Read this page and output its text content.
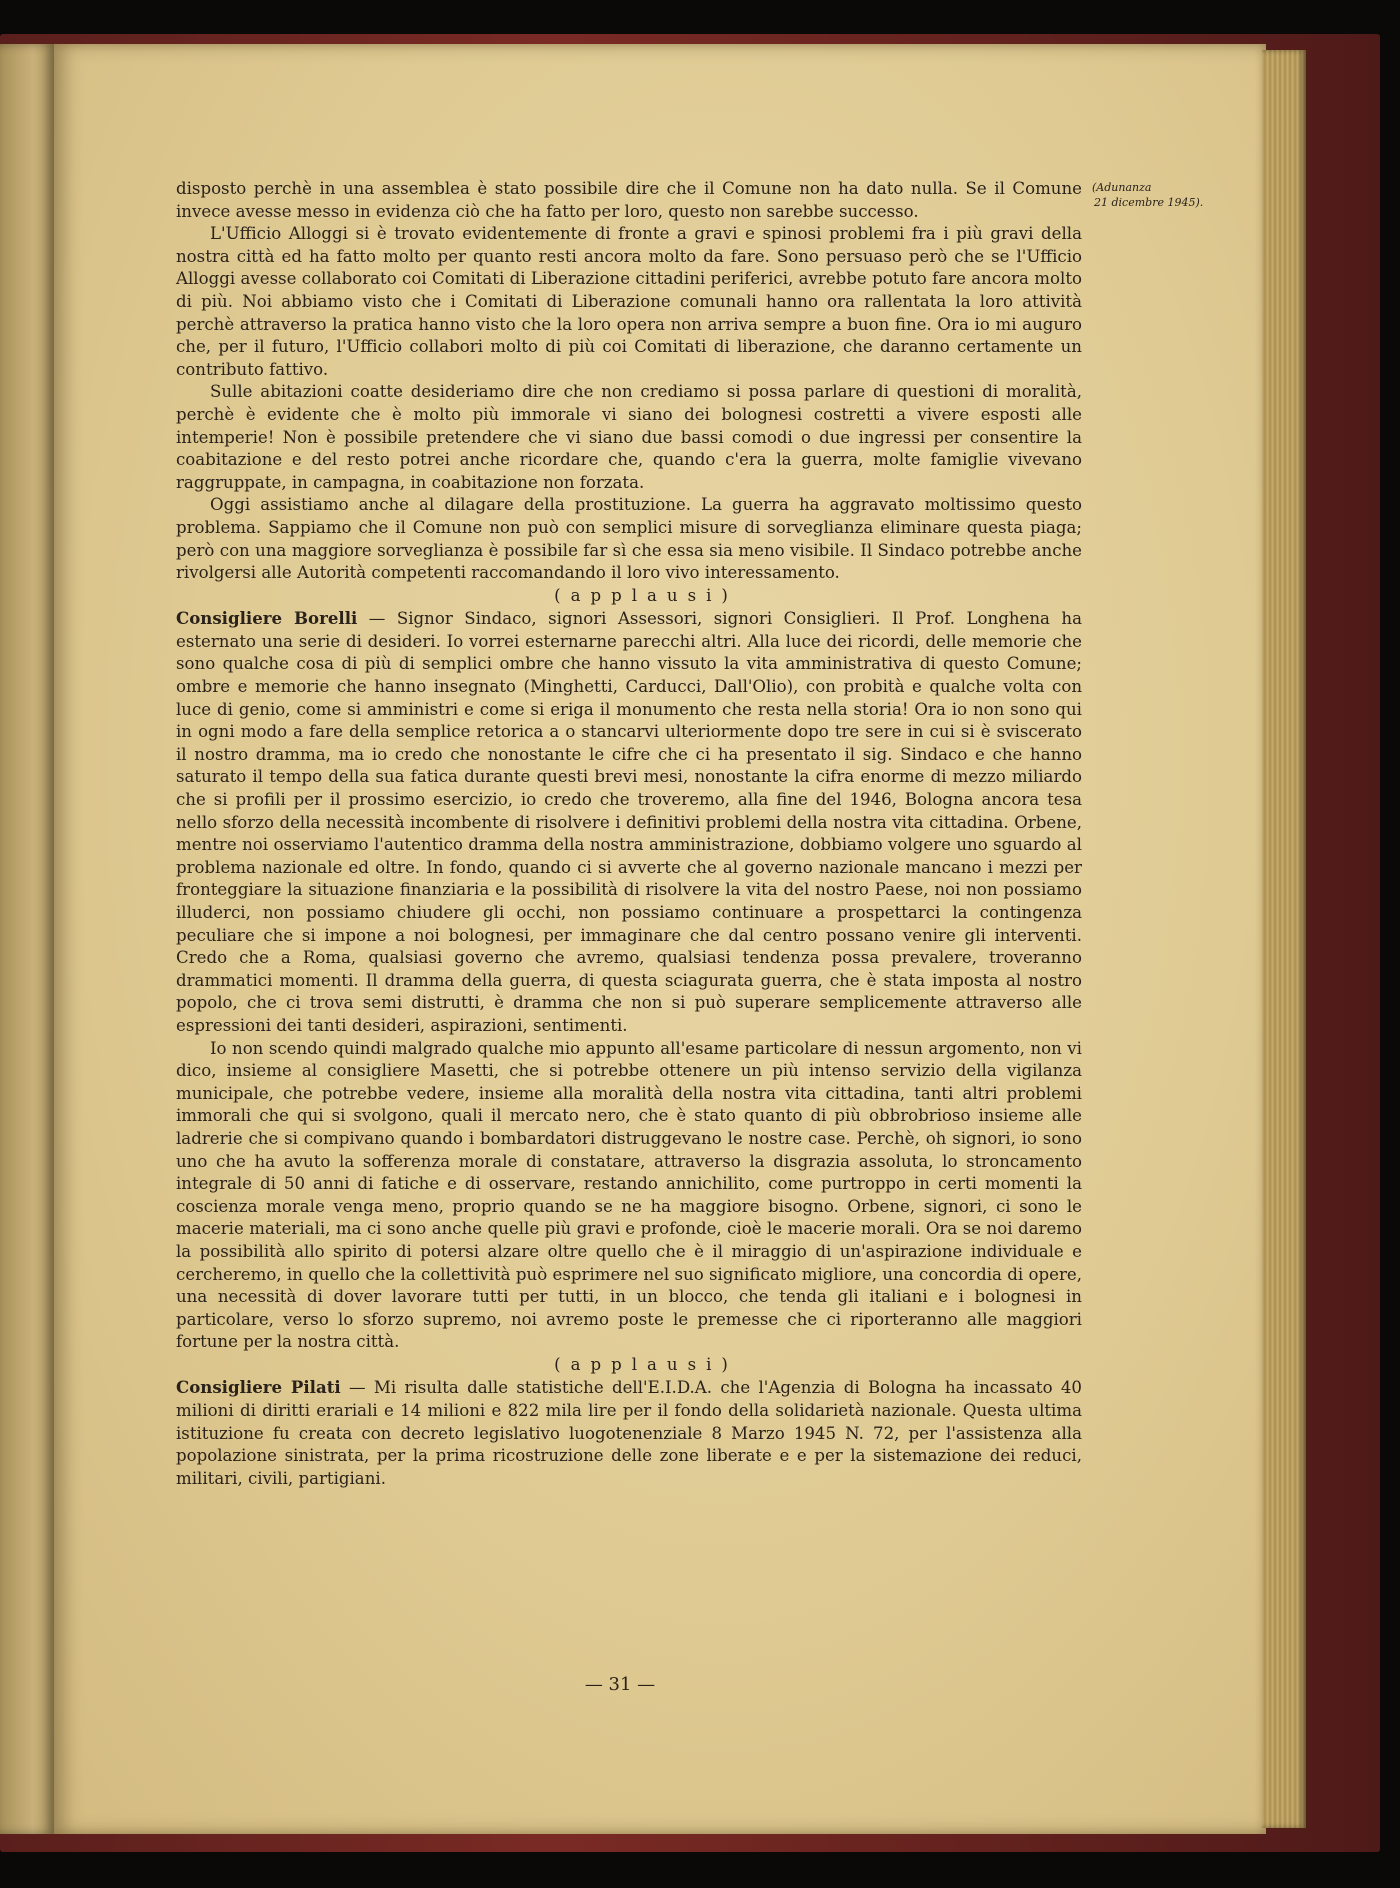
(Adunanza
21 dicembre 1945).

disposto perchè in una assemblea è stato possibile dire che il Comune non ha dato nulla. Se il Comune invece avesse messo in evidenza ciò che ha fatto per loro, questo non sarebbe successo.

L'Ufficio Alloggi si è trovato evidentemente di fronte a gravi e spinosi problemi fra i più gravi della nostra città ed ha fatto molto per quanto resti ancora molto da fare. Sono persuaso però che se l'Ufficio Alloggi avesse collaborato coi Comitati di Liberazione cittadini periferici, avrebbe potuto fare ancora molto di più. Noi abbiamo visto che i Comitati di Liberazione comunali hanno ora rallentata la loro attività perchè attraverso la pratica hanno visto che la loro opera non arriva sempre a buon fine. Ora io mi auguro che, per il futuro, l'Ufficio collabori molto di più coi Comitati di liberazione, che daranno certamente un contributo fattivo.

Sulle abitazioni coatte desideriamo dire che non crediamo si possa parlare di questioni di moralità, perchè è evidente che è molto più immorale vi siano dei bolognesi costretti a vivere esposti alle intemperie! Non è possibile pretendere che vi siano due bassi comodi o due ingressi per consentire la coabitazione e del resto potrei anche ricordare che, quando c'era la guerra, molte famiglie vivevano raggruppate, in campagna, in coabitazione non forzata.

Oggi assistiamo anche al dilagare della prostituzione. La guerra ha aggravato moltissimo questo problema. Sappiamo che il Comune non può con semplici misure di sorveglianza eliminare questa piaga; però con una maggiore sorveglianza è possibile far sì che essa sia meno visibile. Il Sindaco potrebbe anche rivolgersi alle Autorità competenti raccomandando il loro vivo interessamento.

(applausi)

Consigliere Borelli — Signor Sindaco, signori Assessori, signori Consiglieri. Il Prof. Longhena ha esternato una serie di desideri. Io vorrei esternarne parecchi altri. Alla luce dei ricordi, delle memorie che sono qualche cosa di più di semplici ombre che hanno vissuto la vita amministrativa di questo Comune; ombre e memorie che hanno insegnato (Minghetti, Carducci, Dall'Olio), con probità e qualche volta con luce di genio, come si amministri e come si eriga il monumento che resta nella storia! Ora io non sono qui in ogni modo a fare della semplice retorica a o stancarvi ulteriormente dopo tre sere in cui si è sviscerato il nostro dramma, ma io credo che nonostante le cifre che ci ha presentato il sig. Sindaco e che hanno saturato il tempo della sua fatica durante questi brevi mesi, nonostante la cifra enorme di mezzo miliardo che si profili per il prossimo esercizio, io credo che troveremo, alla fine del 1946, Bologna ancora tesa nello sforzo della necessità incombente di risolvere i definitivi problemi della nostra vita cittadina. Orbene, mentre noi osserviamo l'autentico dramma della nostra amministrazione, dobbiamo volgere uno sguardo al problema nazionale ed oltre. In fondo, quando ci si avverte che al governo nazionale mancano i mezzi per fronteggiare la situazione finanziaria e la possibilità di risolvere la vita del nostro Paese, noi non possiamo illuderci, non possiamo chiudere gli occhi, non possiamo continuare a prospettarci la contingenza peculiare che si impone a noi bolognesi, per immaginare che dal centro possano venire gli interventi. Credo che a Roma, qualsiasi governo che avremo, qualsiasi tendenza possa prevalere, troveranno drammatici momenti. Il dramma della guerra, di questa sciagurata guerra, che è stata imposta al nostro popolo, che ci trova semi distrutti, è dramma che non si può superare semplicemente attraverso alle espressioni dei tanti desideri, aspirazioni, sentimenti.

Io non scendo quindi malgrado qualche mio appunto all'esame particolare di nessun argomento, non vi dico, insieme al consigliere Masetti, che si potrebbe ottenere un più intenso servizio della vigilanza municipale, che potrebbe vedere, insieme alla moralità della nostra vita cittadina, tanti altri problemi immorali che qui si svolgono, quali il mercato nero, che è stato quanto di più obbrobrioso insieme alle ladrerie che si compivano quando i bombardatori distruggevano le nostre case. Perchè, oh signori, io sono uno che ha avuto la sofferenza morale di constatare, attraverso la disgrazia assoluta, lo stroncamento integrale di 50 anni di fatiche e di osservare, restando annichilito, come purtroppo in certi momenti la coscienza morale venga meno, proprio quando se ne ha maggiore bisogno. Orbene, signori, ci sono le macerie materiali, ma ci sono anche quelle più gravi e profonde, cioè le macerie morali. Ora se noi daremo la possibilità allo spirito di potersi alzare oltre quello che è il miraggio di un'aspirazione individuale e cercheremo, in quello che la collettività può esprimere nel suo significato migliore, una concordia di opere, una necessità di dover lavorare tutti per tutti, in un blocco, che tenda gli italiani e i bolognesi in particolare, verso lo sforzo supremo, noi avremo poste le premesse che ci riporteranno alle maggiori fortune per la nostra città.

(applausi)

Consigliere Pilati — Mi risulta dalle statistiche dell'E.I.D.A. che l'Agenzia di Bologna ha incassato 40 milioni di diritti erariali e 14 milioni e 822 mila lire per il fondo della solidarietà nazionale. Questa ultima istituzione fu creata con decreto legislativo luogotenenziale 8 Marzo 1945 N. 72, per l'assistenza alla popolazione sinistrata, per la prima ricostruzione delle zone liberate e e per la sistemazione dei reduci, militari, civili, partigiani.

— 31 —
